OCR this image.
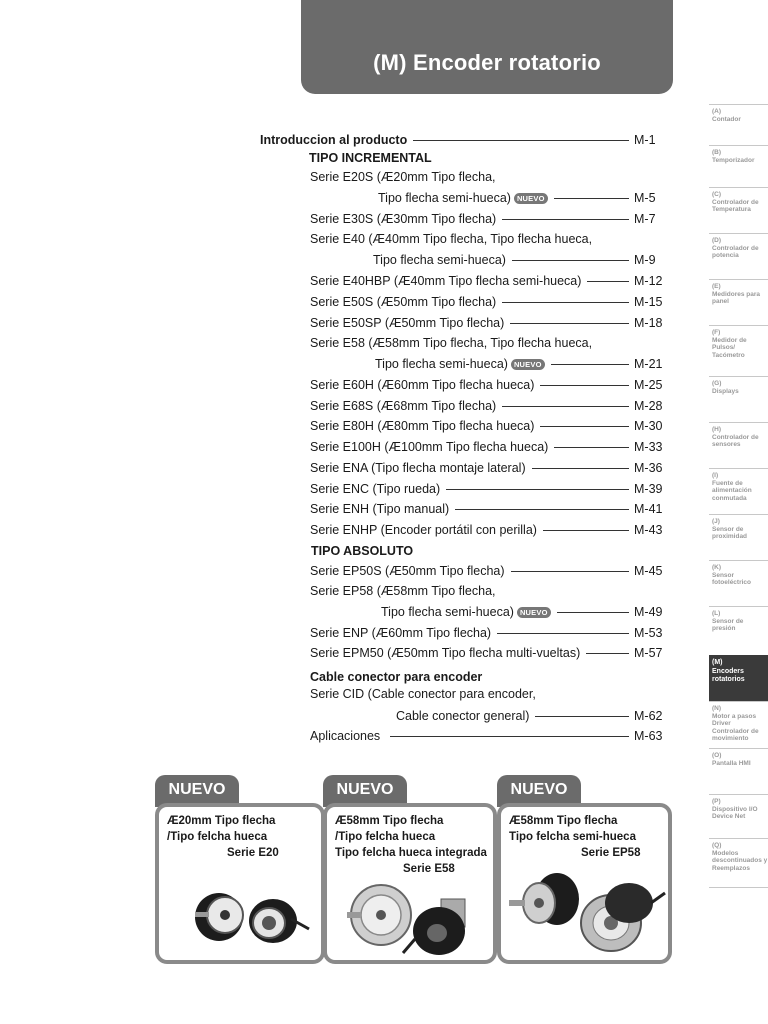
(M) Encoder rotatorio
Introduccion al producto	M-1
TIPO INCREMENTAL
Serie E20S (Æ20mm Tipo flecha,
Tipo flecha semi-hueca) NUEVO	M-5
Serie E30S (Æ30mm Tipo flecha)	M-7
Serie E40 (Æ40mm Tipo flecha, Tipo flecha hueca,
Tipo flecha semi-hueca)	M-9
Serie E40HBP (Æ40mm Tipo flecha semi-hueca)	M-12
Serie E50S (Æ50mm Tipo flecha)	M-15
Serie E50SP (Æ50mm Tipo flecha)	M-18
Serie E58 (Æ58mm Tipo flecha, Tipo flecha hueca,
Tipo flecha semi-hueca) NUEVO	M-21
Serie E60H (Æ60mm Tipo flecha hueca)	M-25
Serie E68S (Æ68mm Tipo flecha)	M-28
Serie E80H (Æ80mm Tipo flecha hueca)	M-30
Serie E100H (Æ100mm Tipo flecha hueca)	M-33
Serie ENA (Tipo flecha montaje lateral)	M-36
Serie ENC (Tipo rueda)	M-39
Serie ENH (Tipo manual)	M-41
Serie ENHP (Encoder portátil con perilla)	M-43
TIPO ABSOLUTO
Serie EP50S (Æ50mm Tipo flecha)	M-45
Serie EP58 (Æ58mm Tipo flecha,
Tipo flecha semi-hueca) NUEVO	M-49
Serie ENP (Æ60mm Tipo flecha)	M-53
Serie EPM50 (Æ50mm Tipo flecha multi-vueltas)	M-57
Cable conector para encoder
Serie CID (Cable conector para encoder,
Cable conector general)	M-62
Aplicaciones	M-63
(A)
Contador
(B)
Temporizador
(C)
Controlador de Temperatura
(D)
Controlador de potencia
(E)
Medidores para panel
(F)
Medidor de Pulsos/ Tacómetro
(G)
Displays
(H)
Controlador de sensores
(I)
Fuente de alimentación conmutada
(J)
Sensor de proximidad
(K)
Sensor fotoeléctrico
(L)
Sensor de presión
(M)
Encoders rotatorios
(N)
Motor a pasos Driver Controlador de movimiento
(O)
Pantalla HMI
(P)
Dispositivo I/O Device Net
(Q)
Modelos descontinuados y Reemplazos
NUEVO
Æ20mm Tipo flecha
/Tipo felcha hueca
Serie E20
NUEVO
Æ58mm Tipo flecha
/Tipo felcha hueca
Tipo felcha hueca integrada
Serie E58
NUEVO
Æ58mm Tipo flecha
Tipo felcha semi-hueca
Serie EP58
